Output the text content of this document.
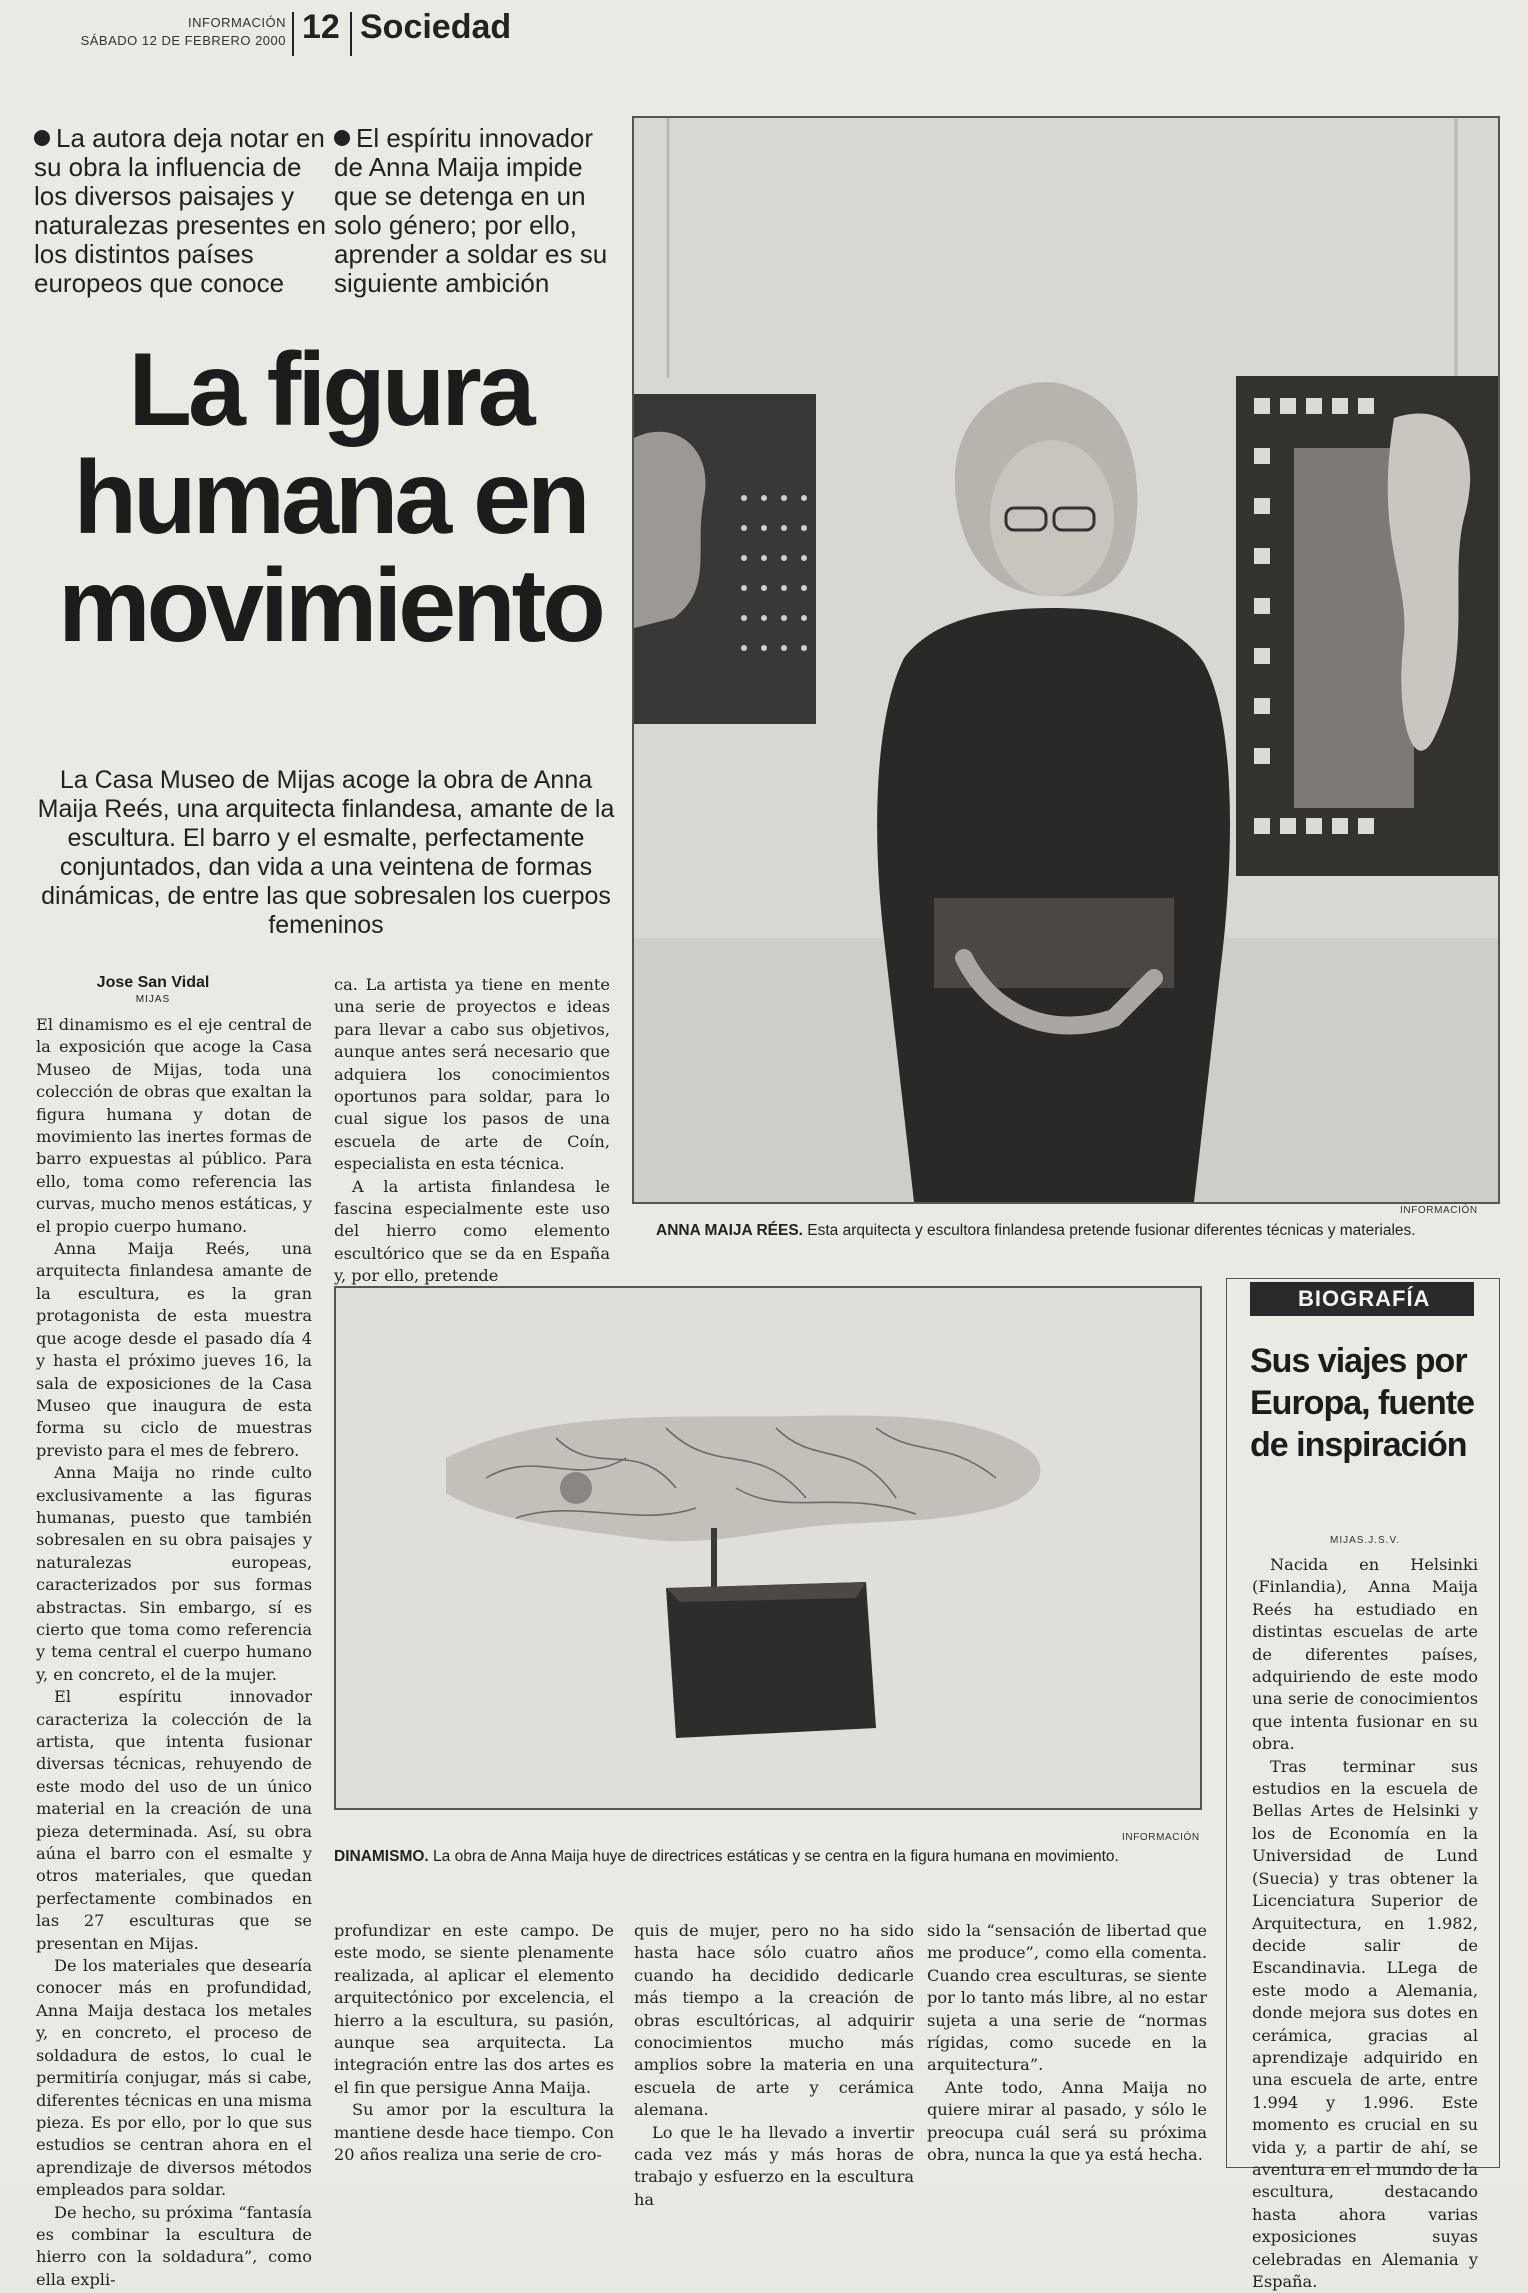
INFORMACIÓN
SÁBADO 12 DE FEBRERO 2000 12 Sociedad
La autora deja notar en su obra la influencia de los diversos paisajes y naturalezas presentes en los distintos países europeos que conoce
El espíritu innovador de Anna Maija impide que se detenga en un solo género; por ello, aprender a soldar es su siguiente ambición
La figura
humana en
movimiento
La Casa Museo de Mijas acoge la obra de Anna Maija Reés, una arquitecta finlandesa, amante de la escultura. El barro y el esmalte, perfectamente conjuntados, dan vida a una veintena de formas dinámicas, de entre las que sobresalen los cuerpos femeninos
Jose San Vidal
MIJAS

El dinamismo es el eje central de la exposición que acoge la Casa Museo de Mijas, toda una colección de obras que exaltan la figura humana y dotan de movimiento las inertes formas de barro expuestas al público. Para ello, toma como referencia las curvas, mucho menos estáticas, y el propio cuerpo humano.

Anna Maija Reés, una arquitecta finlandesa amante de la escultura, es la gran protagonista de esta muestra que acoge desde el pasado día 4 y hasta el próximo jueves 16, la sala de exposiciones de la Casa Museo que inaugura de esta forma su ciclo de muestras previsto para el mes de febrero.

Anna Maija no rinde culto exclusivamente a las figuras humanas, puesto que también sobresalen en su obra paisajes y naturalezas europeas, caracterizados por sus formas abstractas. Sin embargo, sí es cierto que toma como referencia y tema central el cuerpo humano y, en concreto, el de la mujer.

El espíritu innovador caracteriza la colección de la artista, que intenta fusionar diversas técnicas, rehuyendo de este modo del uso de un único material en la creación de una pieza determinada. Así, su obra aúna el barro con el esmalte y otros materiales, que quedan perfectamente combinados en las 27 esculturas que se presentan en Mijas.

De los materiales que desearía conocer más en profundidad, Anna Maija destaca los metales y, en concreto, el proceso de soldadura de estos, lo cual le permitiría conjugar, más si cabe, diferentes técnicas en una misma pieza. Es por ello, por lo que sus estudios se centran ahora en el aprendizaje de diversos métodos empleados para soldar.

De hecho, su próxima “fantasía es combinar la escultura de hierro con la soldadura”, como ella expli-

ca. La artista ya tiene en mente una serie de proyectos e ideas para llevar a cabo sus objetivos, aunque antes será necesario que adquiera los conocimientos oportunos para soldar, para lo cual sigue los pasos de una escuela de arte de Coín, especialista en esta técnica.

A la artista finlandesa le fascina especialmente este uso del hierro como elemento escultórico que se da en España y, por ello, pretende

INFORMACIÓN
ANNA MAIJA RÉES. Esta arquitecta y escultora finlandesa pretende fusionar diferentes técnicas y materiales.
INFORMACIÓN
DINAMISMO. La obra de Anna Maija huye de directrices estáticas y se centra en la figura humana en movimiento.

profundizar en este campo. De este modo, se siente plenamente realizada, al aplicar el elemento arquitectónico por excelencia, el hierro a la escultura, su pasión, aunque sea arquitecta. La integración entre las dos artes es el fin que persigue Anna Maija.

Su amor por la escultura la mantiene desde hace tiempo. Con 20 años realiza una serie de cro-

quis de mujer, pero no ha sido hasta hace sólo cuatro años cuando ha decidido dedicarle más tiempo a la creación de obras escultóricas, al adquirir conocimientos mucho más amplios sobre la materia en una escuela de arte y cerámica alemana.

Lo que le ha llevado a invertir cada vez más y más horas de trabajo y esfuerzo en la escultura ha

sido la “sensación de libertad que me produce”, como ella comenta. Cuando crea esculturas, se siente por lo tanto más libre, al no estar sujeta a una serie de “normas rígidas, como sucede en la arquitectura”.

Ante todo, Anna Maija no quiere mirar al pasado, y sólo le preocupa cuál será su próxima obra, nunca la que ya está hecha.

BIOGRAFÍA
Sus viajes por Europa, fuente de inspiración
MIJAS.J.S.V.

Nacida en Helsinki (Finlandia), Anna Maija Reés ha estudiado en distintas escuelas de arte de diferentes países, adquiriendo de este modo una serie de conocimientos que intenta fusionar en su obra.

Tras terminar sus estudios en la escuela de Bellas Artes de Helsinki y los de Economía en la Universidad de Lund (Suecia) y tras obtener la Licenciatura Superior de Arquitectura, en 1.982, decide salir de Escandinavia. LLega de este modo a Alemania, donde mejora sus dotes en cerámica, gracias al aprendizaje adquirido en una escuela de arte, entre 1.994 y 1.996. Este momento es crucial en su vida y, a partir de ahí, se aventura en el mundo de la escultura, destacando hasta ahora varias exposiciones suyas celebradas en Alemania y España.
